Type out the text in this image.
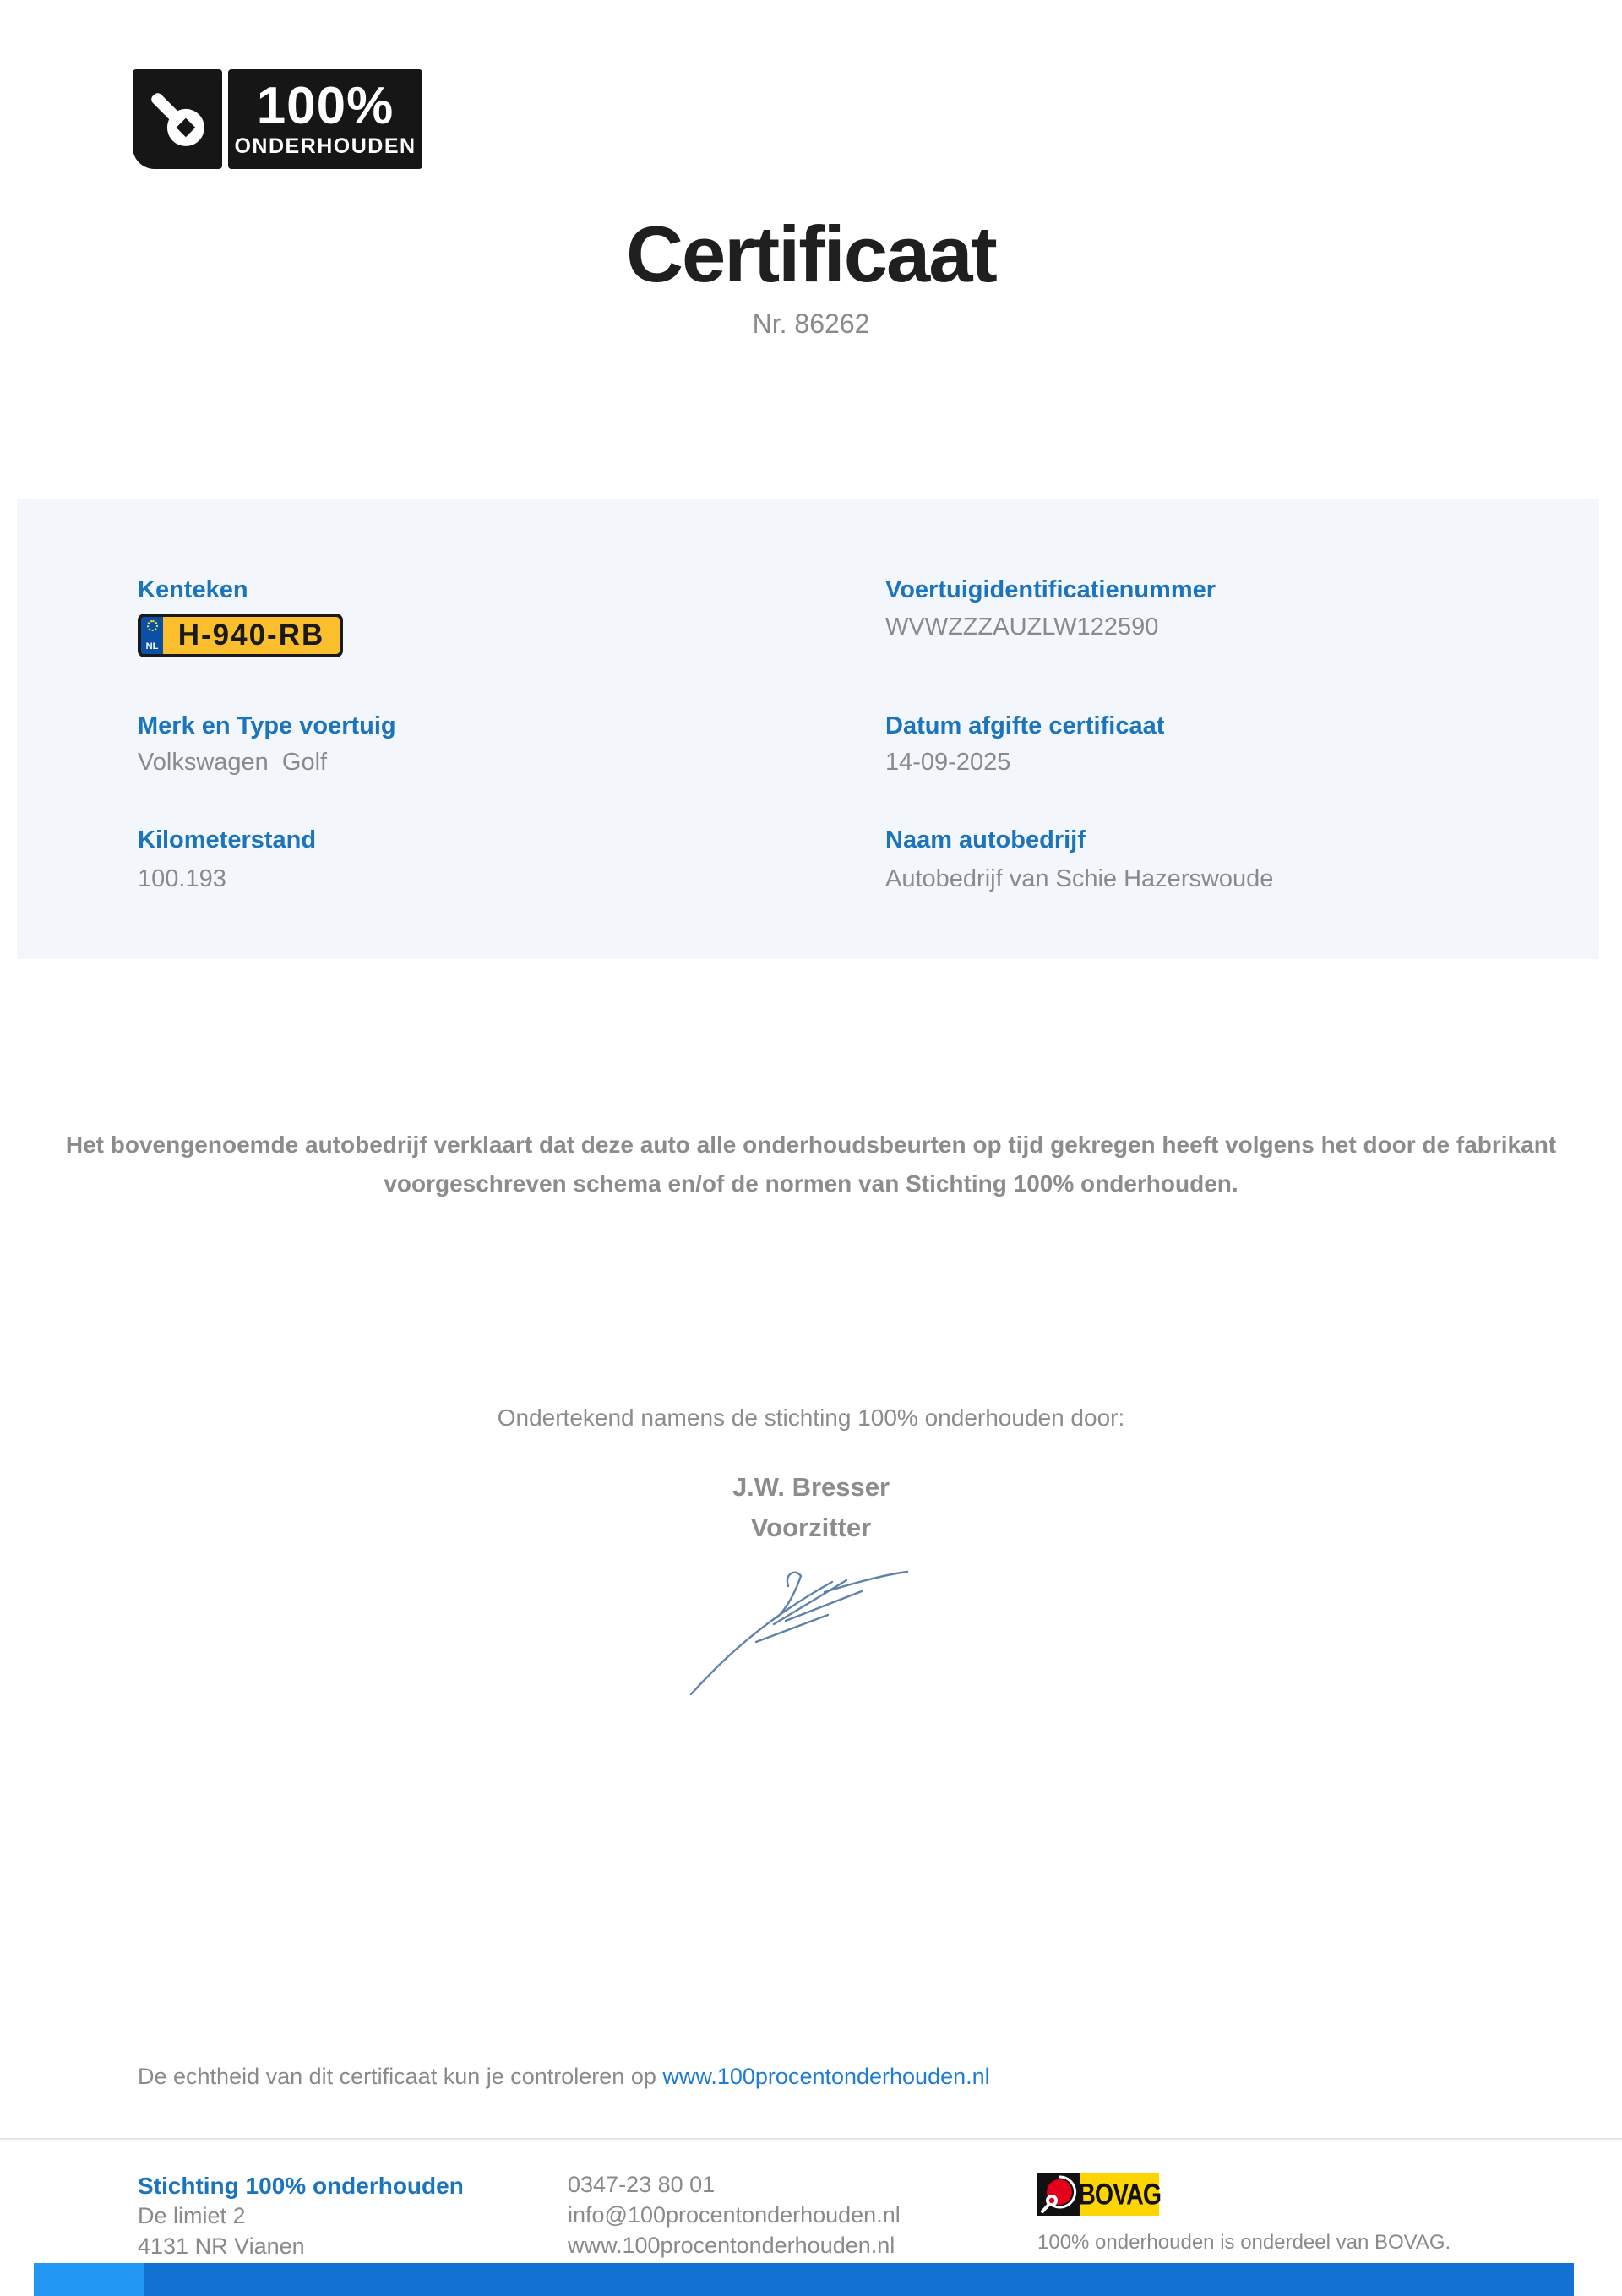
100%
ONDERHOUDEN
Certificaat
Nr. 86262
Kenteken
NL H-940-RB
Merk en Type voertuig
Volkswagen  Golf
Kilometerstand
100.193
Voertuigidentificatienummer
WVWZZZAUZLW122590
Datum afgifte certificaat
14-09-2025
Naam autobedrijf
Autobedrijf van Schie Hazerswoude
Het bovengenoemde autobedrijf verklaart dat deze auto alle onderhoudsbeurten op tijd gekregen heeft volgens het door de fabrikant voorgeschreven schema en/of de normen van Stichting 100% onderhouden.
Ondertekend namens de stichting 100% onderhouden door:
J.W. Bresser
Voorzitter
De echtheid van dit certificaat kun je controleren op www.100procentonderhouden.nl
Stichting 100% onderhouden
De limiet 2
4131 NR Vianen
0347-23 80 01
info@100procentonderhouden.nl
www.100procentonderhouden.nl
BOVAG
100% onderhouden is onderdeel van BOVAG.
